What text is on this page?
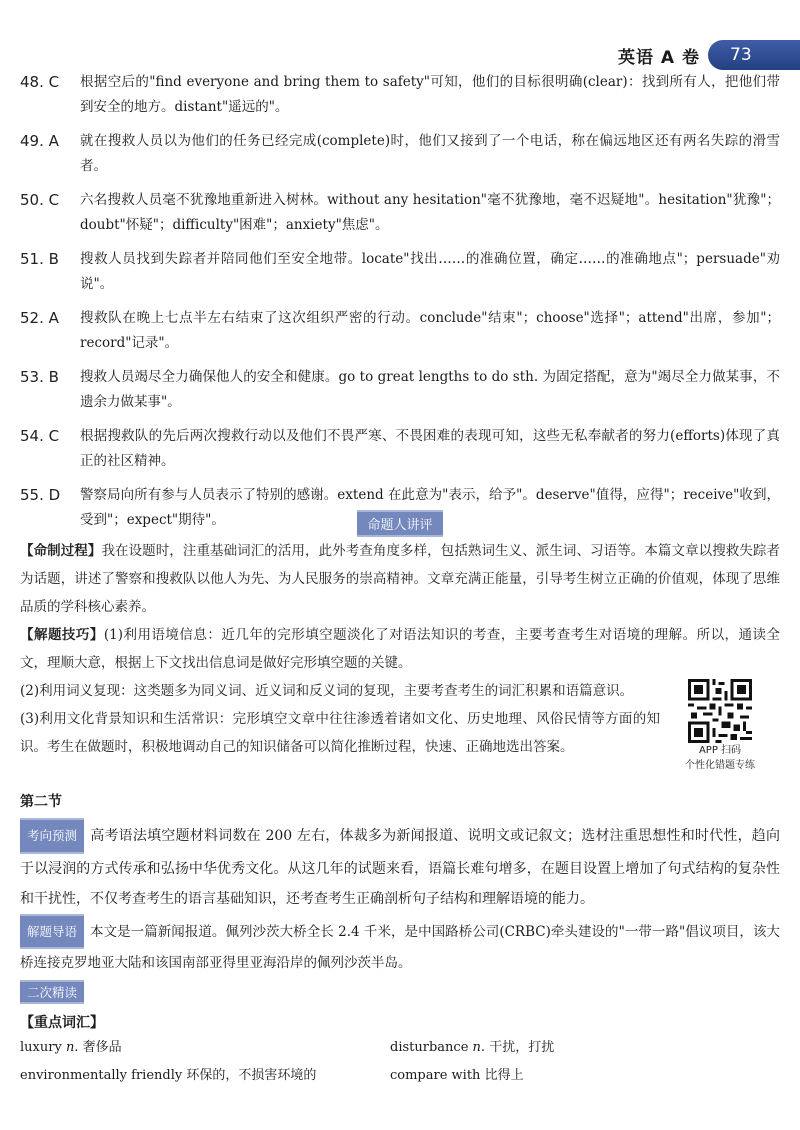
英语 A 卷	73
48. C	根据空后的"find everyone and bring them to safety"可知，他们的目标很明确(clear)：找到所有人，把他们带到安全的地方。distant"遥远的"。
49. A	就在搜救人员以为他们的任务已经完成(complete)时，他们又接到了一个电话，称在偏远地区还有两名失踪的滑雪者。
50. C	六名搜救人员毫不犹豫地重新进入树林。without any hesitation"毫不犹豫地，毫不迟疑地"。hesitation"犹豫"；doubt"怀疑"；difficulty"困难"；anxiety"焦虑"。
51. B	搜救人员找到失踪者并陪同他们至安全地带。locate"找出……的准确位置，确定……的准确地点"；persuade"劝说"。
52. A	搜救队在晚上七点半左右结束了这次组织严密的行动。conclude"结束"；choose"选择"；attend"出席，参加"；record"记录"。
53. B	搜救人员竭尽全力确保他人的安全和健康。go to great lengths to do sth. 为固定搭配，意为"竭尽全力做某事，不遗余力做某事"。
54. C	根据搜救队的先后两次搜救行动以及他们不畏严寒、不畏困难的表现可知，这些无私奉献者的努力(efforts)体现了真正的社区精神。
55. D	警察局向所有参与人员表示了特别的感谢。extend 在此意为"表示，给予"。deserve"值得，应得"；receive"收到，受到"；expect"期待"。	命题人讲评
【命制过程】我在设题时，注重基础词汇的活用，此外考查角度多样，包括熟词生义、派生词、习语等。本篇文章以搜救失踪者为话题，讲述了警察和搜救队以他人为先、为人民服务的崇高精神。文章充满正能量，引导考生树立正确的价值观，体现了思维品质的学科核心素养。
【解题技巧】(1)利用语境信息：近几年的完形填空题淡化了对语法知识的考查，主要考查考生对语境的理解。所以，通读全文，理顺大意，根据上下文找出信息词是做好完形填空题的关键。
(2)利用词义复现：这类题多为同义词、近义词和反义词的复现，主要考查考生的词汇积累和语篇意识。
(3)利用文化背景知识和生活常识：完形填空文章中往往渗透着诸如文化、历史地理、风俗民情等方面的知识。考生在做题时，积极地调动自己的知识储备可以简化推断过程，快速、正确地选出答案。	APP 扫码
个性化错题专练
第二节
考向预测 高考语法填空题材料词数在 200 左右，体裁多为新闻报道、说明文或记叙文；选材注重思想性和时代性，趋向于以浸润的方式传承和弘扬中华优秀文化。从这几年的试题来看，语篇长难句增多，在题目设置上增加了句式结构的复杂性和干扰性，不仅考查考生的语言基础知识，还考查考生正确剖析句子结构和理解语境的能力。
解题导语 本文是一篇新闻报道。佩列沙茨大桥全长 2.4 千米，是中国路桥公司(CRBC)牵头建设的"一带一路"倡议项目，该大桥连接克罗地亚大陆和该国南部亚得里亚海沿岸的佩列沙茨半岛。
二次精读
【重点词汇】
luxury n. 奢侈品	disturbance n. 干扰，打扰
environmentally friendly 环保的，不损害环境的	compare with 比得上
